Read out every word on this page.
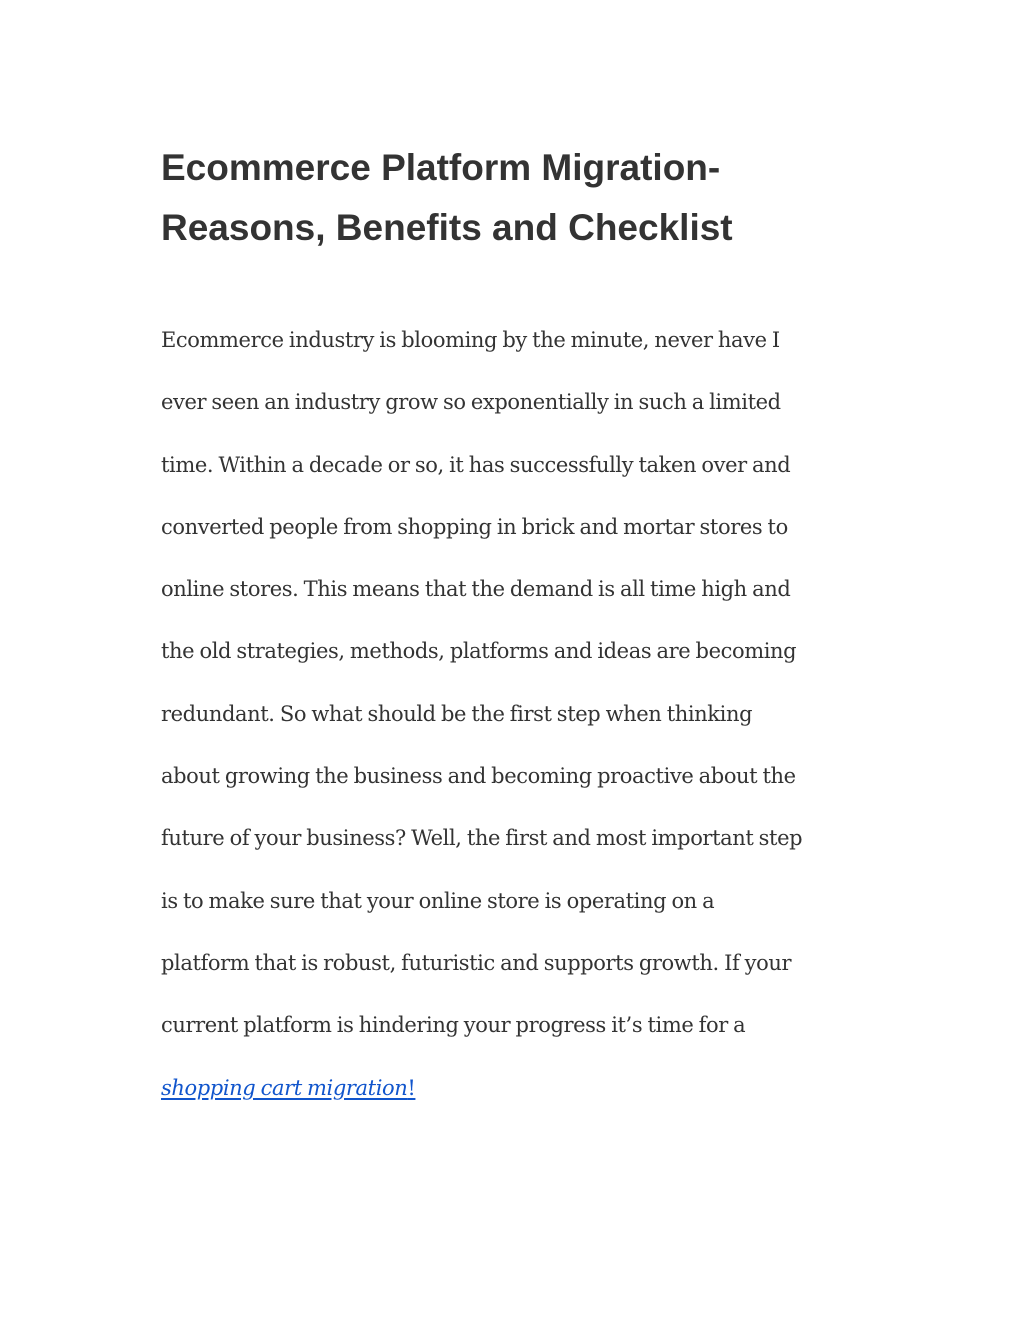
Ecommerce Platform Migration-
Reasons, Benefits and Checklist

Ecommerce industry is blooming by the minute, never have I
ever seen an industry grow so exponentially in such a limited
time. Within a decade or so, it has successfully taken over and
converted people from shopping in brick and mortar stores to
online stores. This means that the demand is all time high and
the old strategies, methods, platforms and ideas are becoming
redundant. So what should be the first step when thinking
about growing the business and becoming proactive about the
future of your business? Well, the first and most important step
is to make sure that your online store is operating on a
platform that is robust, futuristic and supports growth. If your
current platform is hindering your progress it’s time for a
shopping cart migration!
